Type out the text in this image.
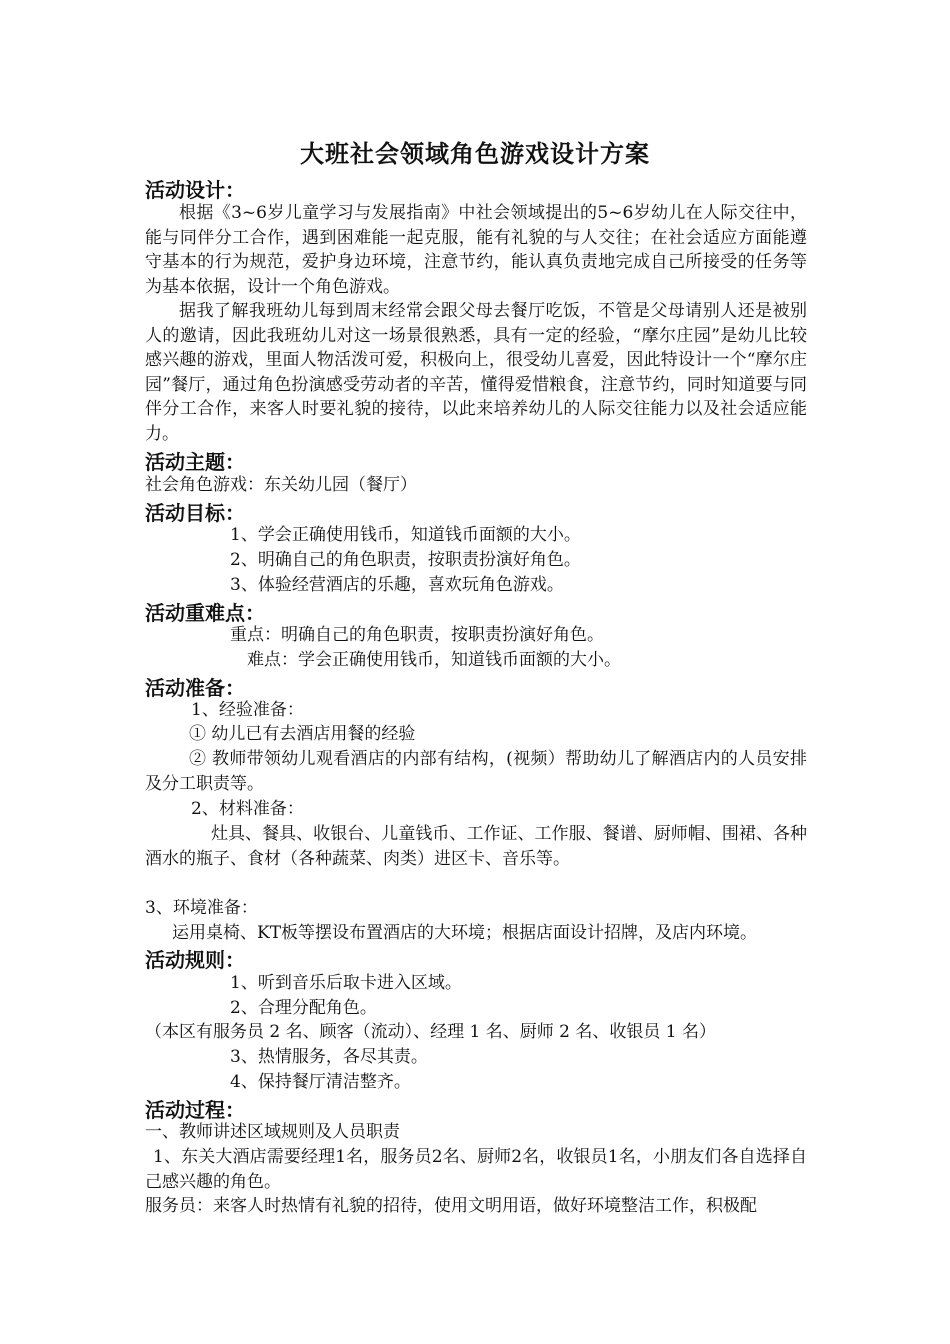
大班社会领域角色游戏设计方案
活动设计：
根据《3~6岁儿童学习与发展指南》中社会领域提出的5~6岁幼儿在人际交往中，能与同伴分工合作，遇到困难能一起克服，能有礼貌的与人交往；在社会适应方面能遵守基本的行为规范，爱护身边环境，注意节约，能认真负责地完成自己所接受的任务等为基本依据，设计一个角色游戏。
据我了解我班幼儿每到周末经常会跟父母去餐厅吃饭，不管是父母请别人还是被别人的邀请，因此我班幼儿对这一场景很熟悉，具有一定的经验，“摩尔庄园”是幼儿比较感兴趣的游戏，里面人物活泼可爱，积极向上，很受幼儿喜爱，因此特设计一个“摩尔庄园”餐厅，通过角色扮演感受劳动者的辛苦，懂得爱惜粮食，注意节约，同时知道要与同伴分工合作，来客人时要礼貌的接待，以此来培养幼儿的人际交往能力以及社会适应能力。
活动主题：
社会角色游戏：东关幼儿园（餐厅）
活动目标：
1、学会正确使用钱币，知道钱币面额的大小。
2、明确自己的角色职责，按职责扮演好角色。
3、体验经营酒店的乐趣，喜欢玩角色游戏。
活动重难点：
重点：明确自己的角色职责，按职责扮演好角色。
难点：学会正确使用钱币，知道钱币面额的大小。
活动准备：
1、经验准备：
① 幼儿已有去酒店用餐的经验
② 教师带领幼儿观看酒店的内部有结构，(视频）帮助幼儿了解酒店内的人员安排及分工职责等。
2、材料准备：
灶具、餐具、收银台、儿童钱币、工作证、工作服、餐谱、厨师帽、围裙、各种酒水的瓶子、食材（各种蔬菜、肉类）进区卡、音乐等。
3、环境准备：
运用桌椅、KT板等摆设布置酒店的大环境；根据店面设计招牌，及店内环境。
活动规则：
1、听到音乐后取卡进入区域。
2、合理分配角色。
（本区有服务员 2 名、顾客（流动）、经理 1 名、厨师 2 名、收银员 1 名）
3、热情服务，各尽其责。
4、保持餐厅清洁整齐。
活动过程：
一、教师讲述区域规则及人员职责
1、东关大酒店需要经理1名，服务员2名、厨师2名，收银员1名，小朋友们各自选择自己感兴趣的角色。
服务员：来客人时热情有礼貌的招待，使用文明用语，做好环境整洁工作，积极配
